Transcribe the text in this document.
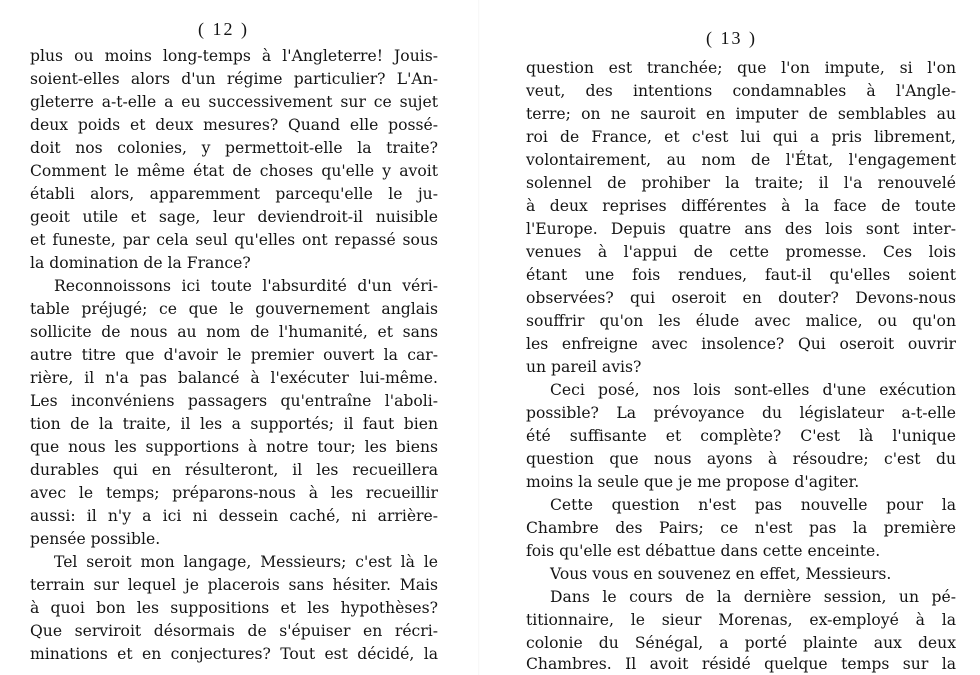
( 12 )
plus ou moins long-temps à l'Angleterre! Jouis-
soient-elles alors d'un régime particulier? L'An-
gleterre a-t-elle a eu successivement sur ce sujet
deux poids et deux mesures? Quand elle possé-
doit nos colonies, y permettoit-elle la traite?
Comment le même état de choses qu'elle y avoit
établi alors, apparemment parcequ'elle le ju-
geoit utile et sage, leur deviendroit-il nuisible
et funeste, par cela seul qu'elles ont repassé sous
la domination de la France?
Reconnoissons ici toute l'absurdité d'un véri-
table préjugé; ce que le gouvernement anglais
sollicite de nous au nom de l'humanité, et sans
autre titre que d'avoir le premier ouvert la car-
rière, il n'a pas balancé à l'exécuter lui-même.
Les inconvéniens passagers qu'entraîne l'aboli-
tion de la traite, il les a supportés; il faut bien
que nous les supportions à notre tour; les biens
durables qui en résulteront, il les recueillera
avec le temps; préparons-nous à les recueillir
aussi: il n'y a ici ni dessein caché, ni arrière-
pensée possible.
Tel seroit mon langage, Messieurs; c'est là le
terrain sur lequel je placerois sans hésiter. Mais
à quoi bon les suppositions et les hypothèses?
Que serviroit désormais de s'épuiser en récri-
minations et en conjectures? Tout est décidé, la
( 13 )
question est tranchée; que l'on impute, si l'on
veut, des intentions condamnables à l'Angle-
terre; on ne sauroit en imputer de semblables au
roi de France, et c'est lui qui a pris librement,
volontairement, au nom de l'État, l'engagement
solennel de prohiber la traite; il l'a renouvelé
à deux reprises différentes à la face de toute
l'Europe. Depuis quatre ans des lois sont inter-
venues à l'appui de cette promesse. Ces lois
étant une fois rendues, faut-il qu'elles soient
observées? qui oseroit en douter? Devons-nous
souffrir qu'on les élude avec malice, ou qu'on
les enfreigne avec insolence? Qui oseroit ouvrir
un pareil avis?
Ceci posé, nos lois sont-elles d'une exécution
possible? La prévoyance du législateur a-t-elle
été suffisante et complète? C'est là l'unique
question que nous ayons à résoudre; c'est du
moins la seule que je me propose d'agiter.
Cette question n'est pas nouvelle pour la
Chambre des Pairs; ce n'est pas la première
fois qu'elle est débattue dans cette enceinte.
Vous vous en souvenez en effet, Messieurs.
Dans le cours de la dernière session, un pé-
titionnaire, le sieur Morenas, ex-employé à la
colonie du Sénégal, a porté plainte aux deux
Chambres. Il avoit résidé quelque temps sur la
